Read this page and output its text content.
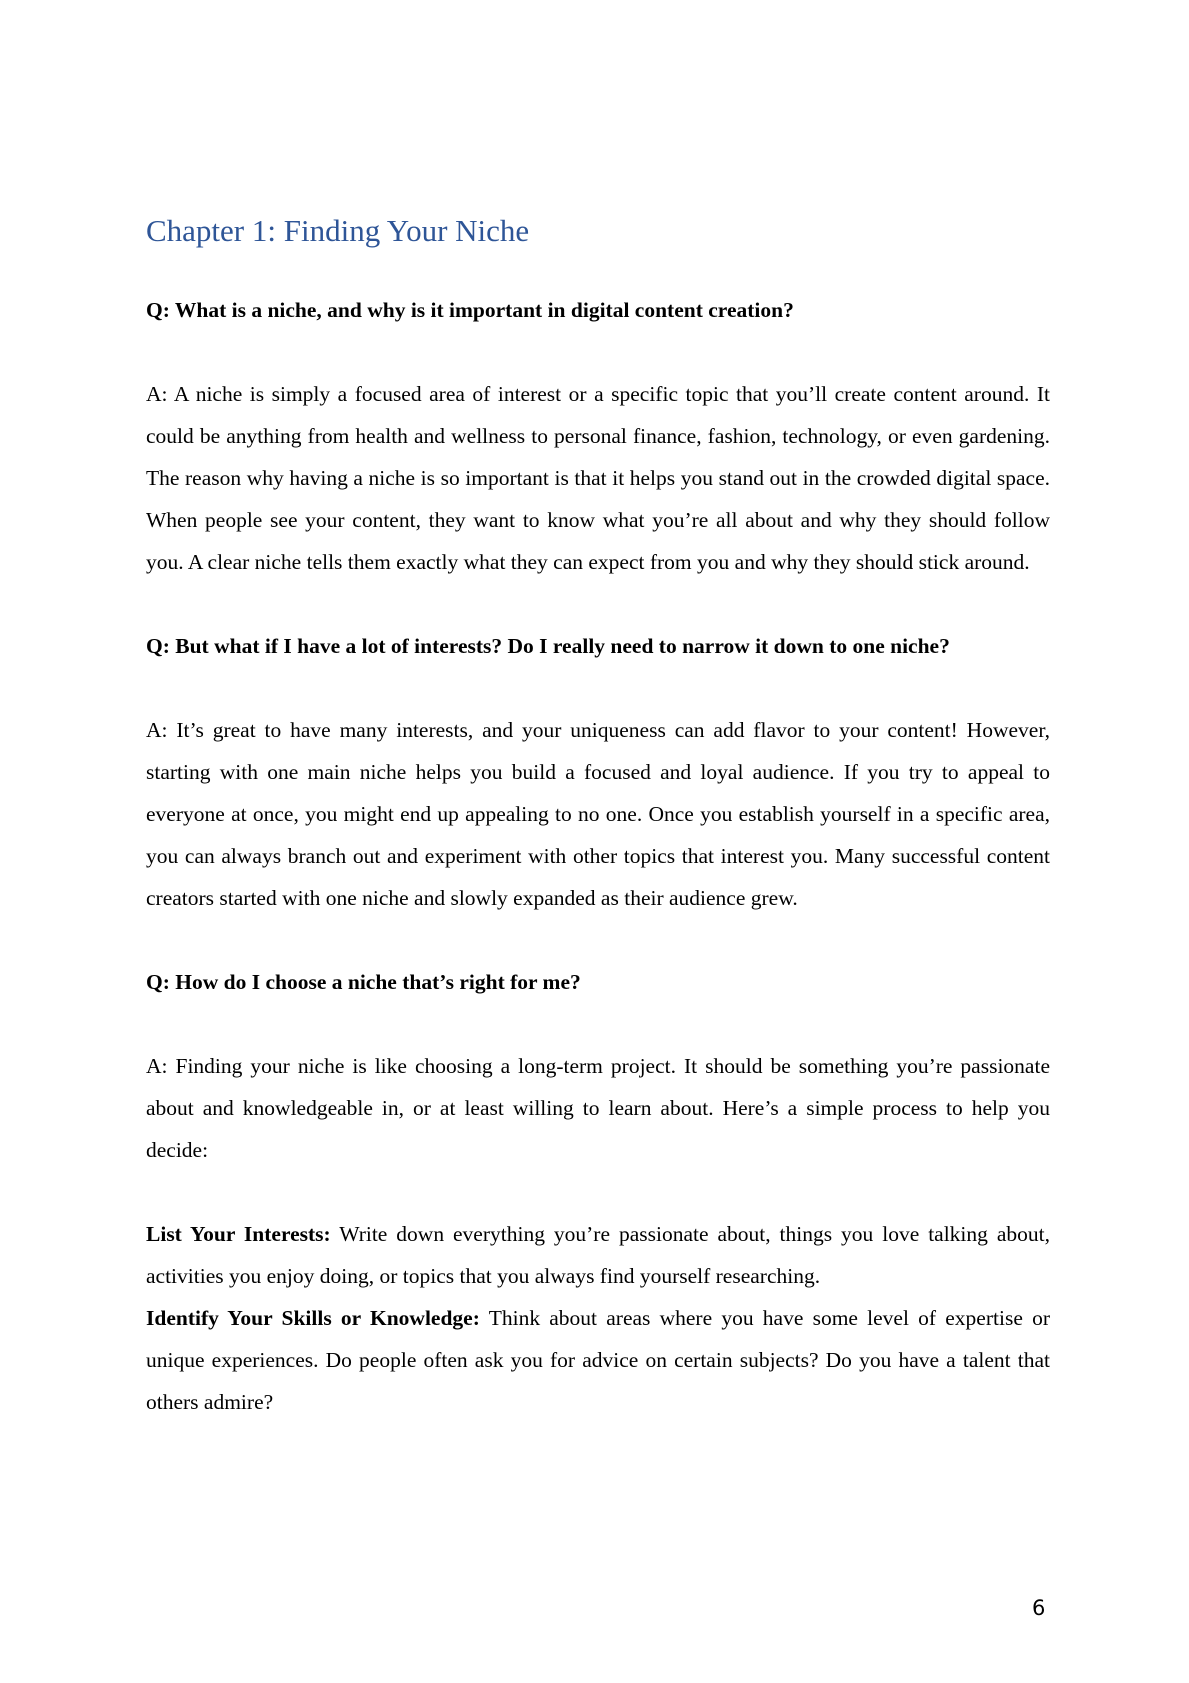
Chapter 1: Finding Your Niche

Q: What is a niche, and why is it important in digital content creation?

A: A niche is simply a focused area of interest or a specific topic that you’ll create content around. It could be anything from health and wellness to personal finance, fashion, technology, or even gardening. The reason why having a niche is so important is that it helps you stand out in the crowded digital space. When people see your content, they want to know what you’re all about and why they should follow you. A clear niche tells them exactly what they can expect from you and why they should stick around.

Q: But what if I have a lot of interests? Do I really need to narrow it down to one niche?

A: It’s great to have many interests, and your uniqueness can add flavor to your content! However, starting with one main niche helps you build a focused and loyal audience. If you try to appeal to everyone at once, you might end up appealing to no one. Once you establish yourself in a specific area, you can always branch out and experiment with other topics that interest you. Many successful content creators started with one niche and slowly expanded as their audience grew.

Q: How do I choose a niche that’s right for me?

A: Finding your niche is like choosing a long-term project. It should be something you’re passionate about and knowledgeable in, or at least willing to learn about. Here’s a simple process to help you decide:

List Your Interests: Write down everything you’re passionate about, things you love talking about, activities you enjoy doing, or topics that you always find yourself researching.

Identify Your Skills or Knowledge: Think about areas where you have some level of expertise or unique experiences. Do people often ask you for advice on certain subjects? Do you have a talent that others admire?

6
